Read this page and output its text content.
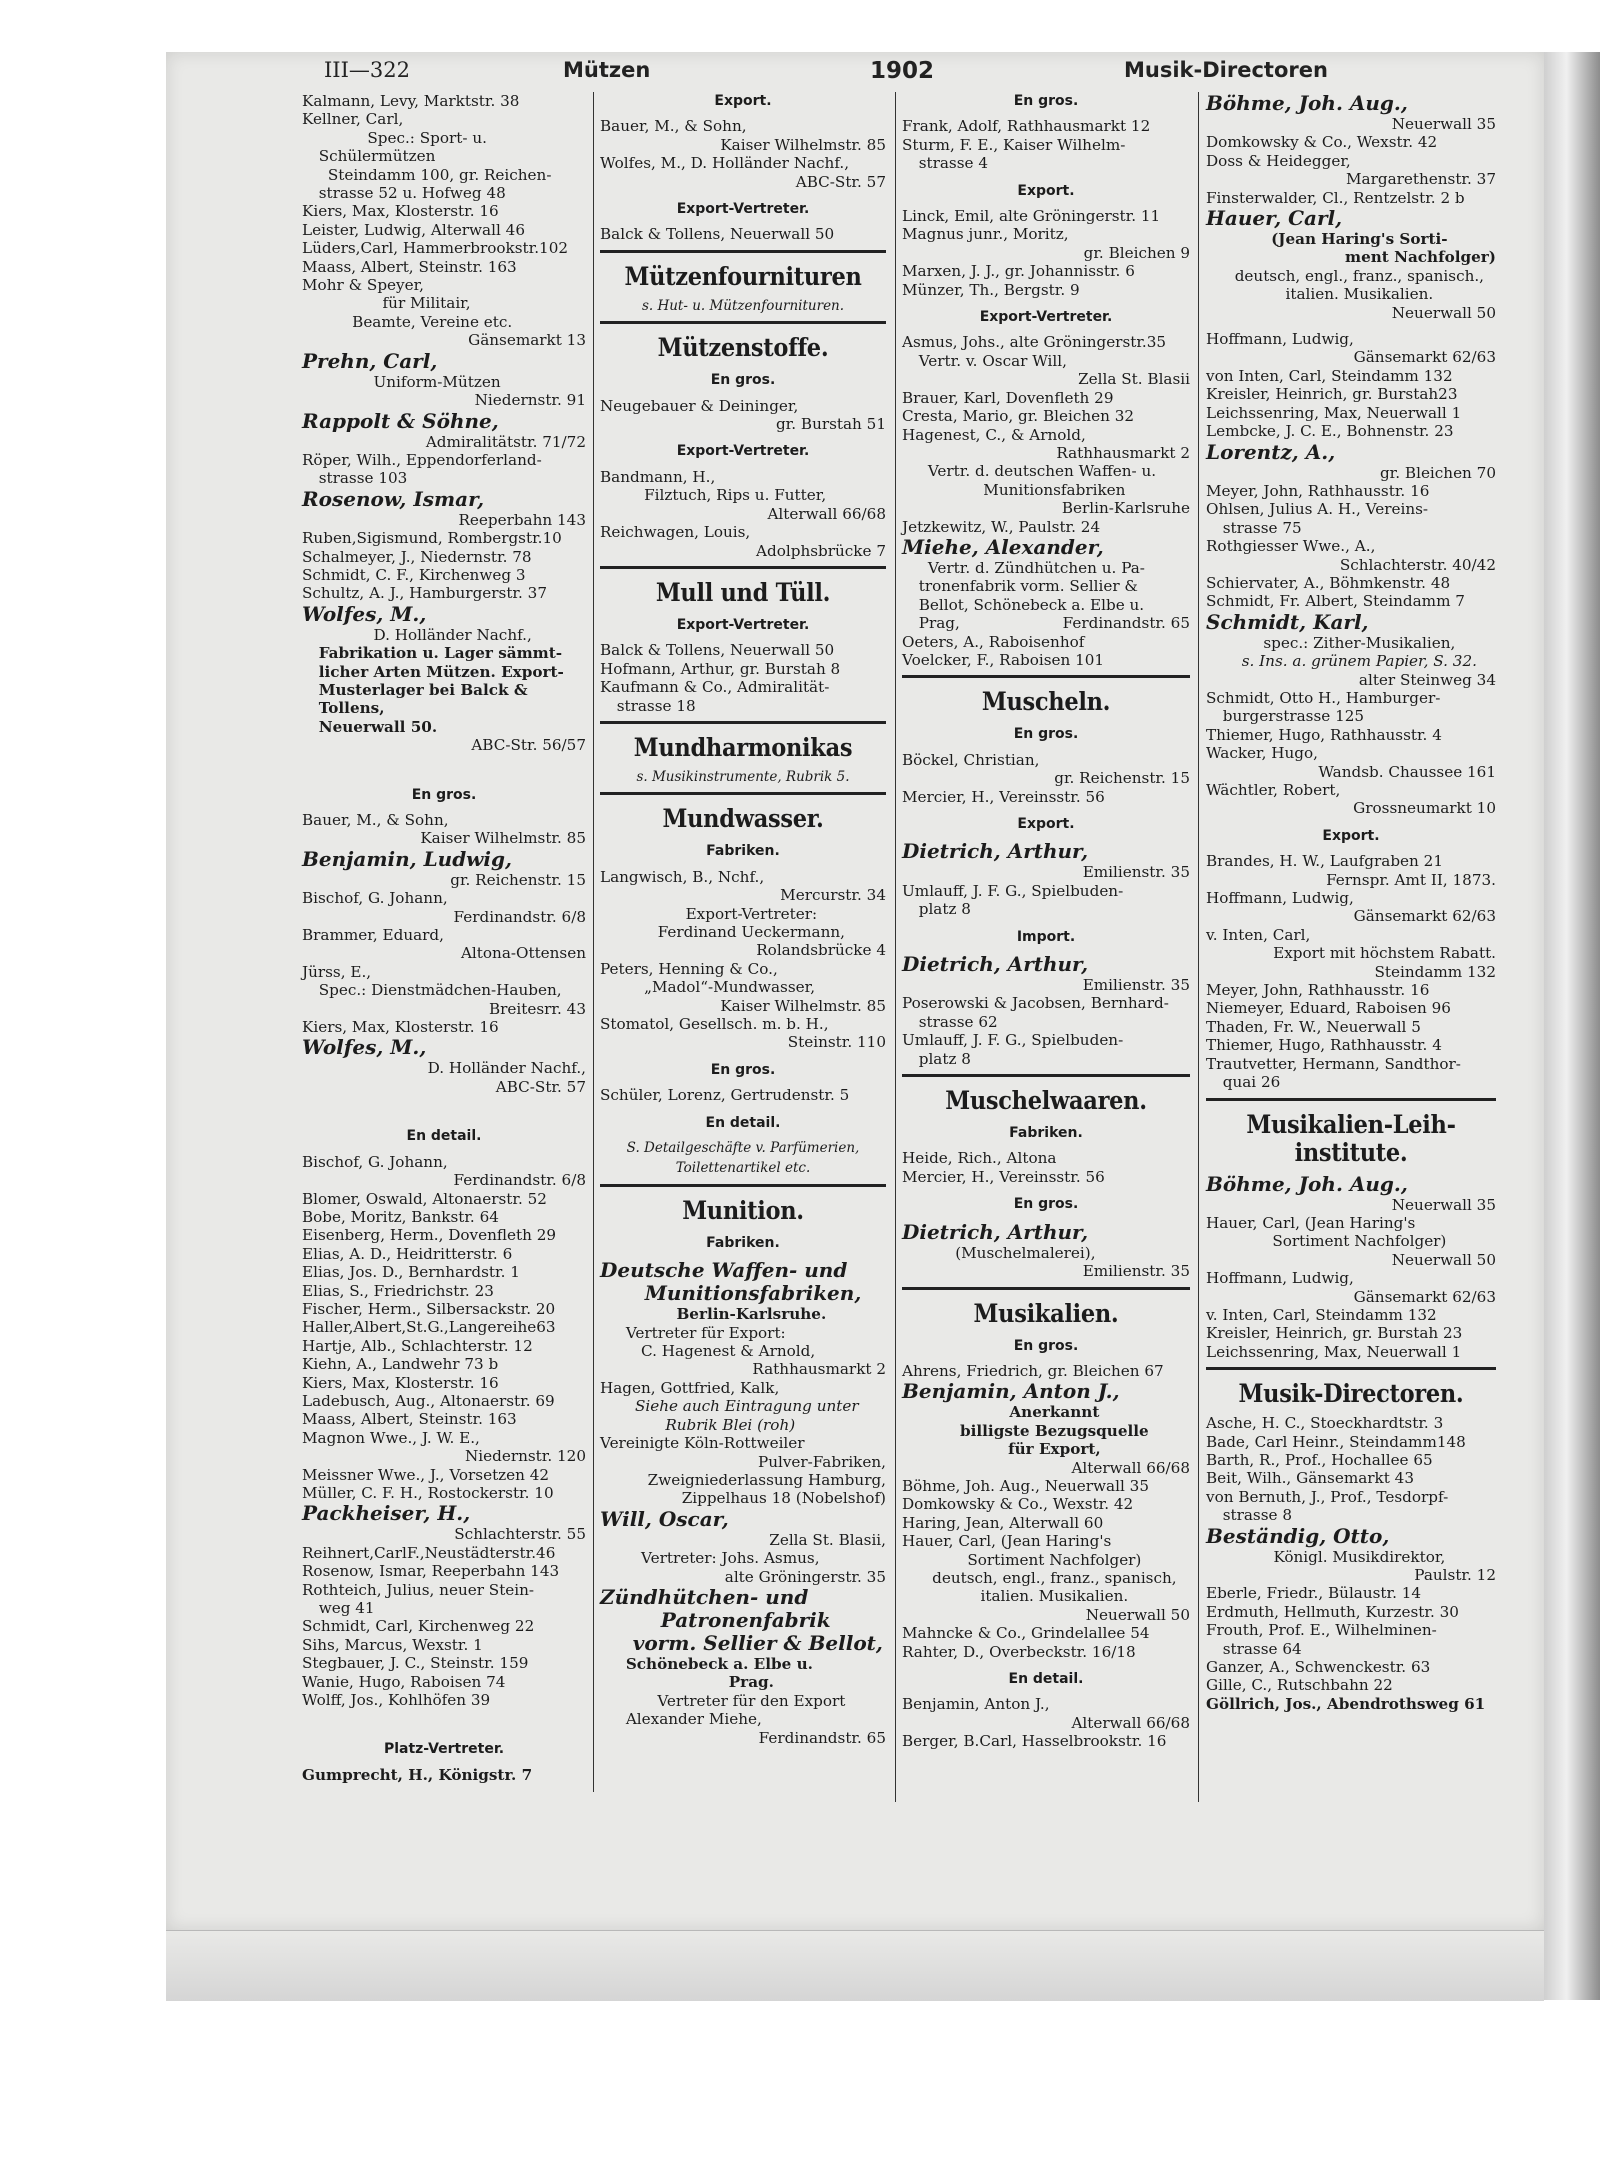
III—322	Mützen	1902	Musik-Directoren

Kalmann, Levy, Marktstr. 38

Kellner, Carl,
Spec.: Sport- u. Schülermützen
Steindamm 100, gr. Reichen-
strasse 52 u. Hofweg 48

Kiers, Max, Klosterstr. 16

Leister, Ludwig, Alterwall 46

Lüders,Carl, Hammerbrookstr.102

Maass, Albert, Steinstr. 163

Mohr & Speyer,
für Militair,
Beamte, Vereine etc.
Gänsemarkt 13

Prehn, Carl,
Uniform-Mützen
Niedernstr. 91

Rappolt & Söhne,
Admiralitätstr. 71/72

Röper, Wilh., Eppendorferland-
strasse 103

Rosenow, Ismar,
Reeperbahn 143

Ruben,Sigismund, Rombergstr.10

Schalmeyer, J., Niedernstr. 78

Schmidt, C. F., Kirchenweg 3

Schultz, A. J., Hamburgerstr. 37

Wolfes, M.,
D. Holländer Nachf.,
Fabrikation u. Lager sämmt-
licher Arten Mützen. Export-
Musterlager bei Balck & Tollens,
Neuerwall 50.
ABC-Str. 56/57

En gros.

Bauer, M., & Sohn,
Kaiser Wilhelmstr. 85

Benjamin, Ludwig,
gr. Reichenstr. 15

Bischof, G. Johann,
Ferdinandstr. 6/8

Brammer, Eduard,
Altona-Ottensen

Jürss, E.,
Spec.: Dienstmädchen-Hauben,
Breitesrr. 43

Kiers, Max, Klosterstr. 16

Wolfes, M.,
D. Holländer Nachf.,
ABC-Str. 57

En detail.

Bischof, G. Johann,
Ferdinandstr. 6/8

Blomer, Oswald, Altonaerstr. 52

Bobe, Moritz, Bankstr. 64

Eisenberg, Herm., Dovenfleth 29

Elias, A. D., Heidritterstr. 6

Elias, Jos. D., Bernhardstr. 1

Elias, S., Friedrichstr. 23

Fischer, Herm., Silbersackstr. 20

Haller,Albert,St.G.,Langereihe63

Hartje, Alb., Schlachterstr. 12

Kiehn, A., Landwehr 73 b

Kiers, Max, Klosterstr. 16

Ladebusch, Aug., Altonaerstr. 69

Maass, Albert, Steinstr. 163

Magnon Wwe., J. W. E.,
Niedernstr. 120

Meissner Wwe., J., Vorsetzen 42

Müller, C. F. H., Rostockerstr. 10

Packheiser, H.,
Schlachterstr. 55

Reihnert,CarlF.,Neustädterstr.46

Rosenow, Ismar, Reeperbahn 143

Rothteich, Julius, neuer Stein-
weg 41

Schmidt, Carl, Kirchenweg 22

Sihs, Marcus, Wexstr. 1

Stegbauer, J. C., Steinstr. 159

Wanie, Hugo, Raboisen 74

Wolff, Jos., Kohlhöfen 39

Platz-Vertreter.

Gumprecht, H., Königstr. 7

Export.

Bauer, M., & Sohn,
Kaiser Wilhelmstr. 85

Wolfes, M., D. Holländer Nachf.,
ABC-Str. 57

Export-Vertreter.

Balck & Tollens, Neuerwall 50

Mützenfournituren
s. Hut- u. Mützenfournituren.
Mützenstoffe.
En gros.

Neugebauer & Deininger,
gr. Burstah 51

Export-Vertreter.

Bandmann, H.,
Filztuch, Rips u. Futter,
Alterwall 66/68

Reichwagen, Louis,
Adolphsbrücke 7

Mull und Tüll.
Export-Vertreter.

Balck & Tollens, Neuerwall 50

Hofmann, Arthur, gr. Burstah 8

Kaufmann & Co., Admiralität-
strasse 18

Mundharmonikas
s. Musikinstrumente, Rubrik 5.
Mundwasser.
Fabriken.

Langwisch, B., Nchf.,
Mercurstr. 34
Export-Vertreter:
Ferdinand Ueckermann,
Rolandsbrücke 4

Peters, Henning & Co.,
„Madol“-Mundwasser,
Kaiser Wilhelmstr. 85

Stomatol, Gesellsch. m. b. H.,
Steinstr. 110

En gros.

Schüler, Lorenz, Gertrudenstr. 5

En detail.
S. Detailgeschäfte v. Parfümerien,
Toilettenartikel etc.
Munition.
Fabriken.

Deutsche Waffen- und
Munitionsfabriken,

Berlin-Karlsruhe.
Vertreter für Export:
C. Hagenest & Arnold,
Rathhausmarkt 2

Hagen, Gottfried, Kalk,
Siehe auch Eintragung unter
Rubrik Blei (roh)

Vereinigte Köln-Rottweiler
Pulver-Fabriken,
Zweigniederlassung Hamburg,
Zippelhaus 18 (Nobelshof)

Will, Oscar,
Zella St. Blasii,
Vertreter: Johs. Asmus,
alte Gröningerstr. 35

Zündhütchen- und
Patronenfabrik
vorm. Sellier & Bellot,
Schönebeck a. Elbe u.

Prag.
Vertreter für den Export
Alexander Miehe,
Ferdinandstr. 65

En gros.

Frank, Adolf, Rathhausmarkt 12

Sturm, F. E., Kaiser Wilhelm-
strasse 4

Export.

Linck, Emil, alte Gröningerstr. 11

Magnus junr., Moritz,
gr. Bleichen 9

Marxen, J. J., gr. Johannisstr. 6

Münzer, Th., Bergstr. 9

Export-Vertreter.

Asmus, Johs., alte Gröningerstr.35
Vertr. v. Oscar Will,
Zella St. Blasii

Brauer, Karl, Dovenfleth 29

Cresta, Mario, gr. Bleichen 32

Hagenest, C., & Arnold,
Rathhausmarkt 2
Vertr. d. deutschen Waffen- u.
Munitionsfabriken
Berlin-Karlsruhe

Jetzkewitz, W., Paulstr. 24

Miehe, Alexander,
Vertr. d. Zündhütchen u. Pa-
tronenfabrik vorm. Sellier &
Bellot, Schönebeck a. Elbe u.
Prag,	Ferdinandstr. 65

Oeters, A., Raboisenhof

Voelcker, F., Raboisen 101

Muscheln.
En gros.

Böckel, Christian,
gr. Reichenstr. 15

Mercier, H., Vereinsstr. 56

Export.

Dietrich, Arthur,
Emilienstr. 35

Umlauff, J. F. G., Spielbuden-
platz 8

Import.

Dietrich, Arthur,
Emilienstr. 35

Poserowski & Jacobsen, Bernhard-
strasse 62

Umlauff, J. F. G., Spielbuden-
platz 8

Muschelwaaren.
Fabriken.

Heide, Rich., Altona

Mercier, H., Vereinsstr. 56

En gros.

Dietrich, Arthur,
(Muschelmalerei),
Emilienstr. 35

Musikalien.
En gros.

Ahrens, Friedrich, gr. Bleichen 67

Benjamin, Anton J.,
Anerkannt
billigste Bezugsquelle
für Export,
Alterwall 66/68

Böhme, Joh. Aug., Neuerwall 35

Domkowsky & Co., Wexstr. 42

Haring, Jean, Alterwall 60

Hauer, Carl, (Jean Haring's
Sortiment Nachfolger)
deutsch, engl., franz., spanisch,
italien. Musikalien.
Neuerwall 50

Mahncke & Co., Grindelallee 54

Rahter, D., Overbeckstr. 16/18

En detail.

Benjamin, Anton J.,
Alterwall 66/68

Berger, B.Carl, Hasselbrookstr. 16

Böhme, Joh. Aug.,
Neuerwall 35

Domkowsky & Co., Wexstr. 42

Doss & Heidegger,
Margarethenstr. 37

Finsterwalder, Cl., Rentzelstr. 2 b

Hauer, Carl,
(Jean Haring's Sorti-
ment Nachfolger)
deutsch, engl., franz., spanisch.,
italien. Musikalien.
Neuerwall 50

Hoffmann, Ludwig,
Gänsemarkt 62/63

von Inten, Carl, Steindamm 132

Kreisler, Heinrich, gr. Burstah23

Leichssenring, Max, Neuerwall 1

Lembcke, J. C. E., Bohnenstr. 23

Lorentz, A.,
gr. Bleichen 70

Meyer, John, Rathhausstr. 16

Ohlsen, Julius A. H., Vereins-
strasse 75

Rothgiesser Wwe., A.,
Schlachterstr. 40/42

Schiervater, A., Böhmkenstr. 48

Schmidt, Fr. Albert, Steindamm 7

Schmidt, Karl,
spec.: Zither-Musikalien,
s. Ins. a. grünem Papier, S. 32.
alter Steinweg 34

Schmidt, Otto H., Hamburger-
burgerstrasse 125

Thiemer, Hugo, Rathhausstr. 4

Wacker, Hugo,
Wandsb. Chaussee 161

Wächtler, Robert,
Grossneumarkt 10

Export.

Brandes, H. W., Laufgraben 21
Fernspr. Amt II, 1873.

Hoffmann, Ludwig,
Gänsemarkt 62/63

v. Inten, Carl,
Export mit höchstem Rabatt.
Steindamm 132

Meyer, John, Rathhausstr. 16

Niemeyer, Eduard, Raboisen 96

Thaden, Fr. W., Neuerwall 5

Thiemer, Hugo, Rathhausstr. 4

Trautvetter, Hermann, Sandthor-
quai 26

Musikalien-Leih-
institute.

Böhme, Joh. Aug.,
Neuerwall 35

Hauer, Carl, (Jean Haring's
Sortiment Nachfolger)
Neuerwall 50

Hoffmann, Ludwig,
Gänsemarkt 62/63

v. Inten, Carl, Steindamm 132

Kreisler, Heinrich, gr. Burstah 23

Leichssenring, Max, Neuerwall 1

Musik-Directoren.

Asche, H. C., Stoeckhardtstr. 3

Bade, Carl Heinr., Steindamm148

Barth, R., Prof., Hochallee 65

Beit, Wilh., Gänsemarkt 43

von Bernuth, J., Prof., Tesdorpf-
strasse 8

Beständig, Otto,
Königl. Musikdirektor,
Paulstr. 12

Eberle, Friedr., Bülaustr. 14

Erdmuth, Hellmuth, Kurzestr. 30

Frouth, Prof. E., Wilhelminen-
strasse 64

Ganzer, A., Schwenckestr. 63

Gille, C., Rutschbahn 22

Göllrich, Jos., Abendrothsweg 61
